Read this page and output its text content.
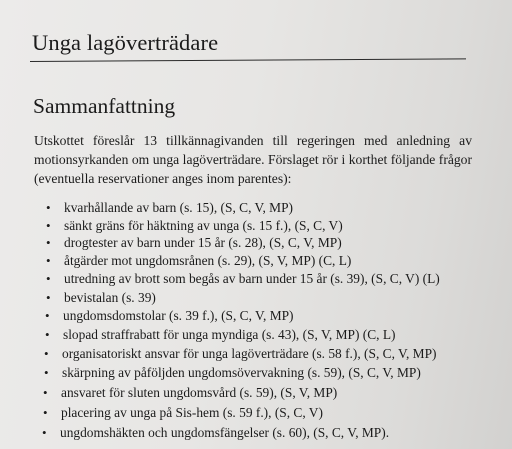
Unga lagöverträdare
Sammanfattning

Utskottet föreslår 13 tillkännagivanden till regeringen med anledning av motionsyrkanden om unga lagöverträdare. Förslaget rör i korthet följande frågor (eventuella reservationer anges inom parentes):

• kvarhållande av barn (s. 15), (S, C, V, MP)
• sänkt gräns för häktning av unga (s. 15 f.), (S, C, V)
• drogtester av barn under 15 år (s. 28), (S, C, V, MP)
• åtgärder mot ungdomsrånen (s. 29), (S, V, MP) (C, L)
• utredning av brott som begås av barn under 15 år (s. 39), (S, C, V) (L)
• bevistalan (s. 39)
• ungdomsdomstolar (s. 39 f.), (S, C, V, MP)
• slopad straffrabatt för unga myndiga (s. 43), (S, V, MP) (C, L)
• organisatoriskt ansvar för unga lagöverträdare (s. 58 f.), (S, C, V, MP)
• skärpning av påföljden ungdomsövervakning (s. 59), (S, C, V, MP)
• ansvaret för sluten ungdomsvård (s. 59), (S, V, MP)
• placering av unga på Sis-hem (s. 59 f.), (S, C, V)
• ungdomshäkten och ungdomsfängelser (s. 60), (S, C, V, MP).
